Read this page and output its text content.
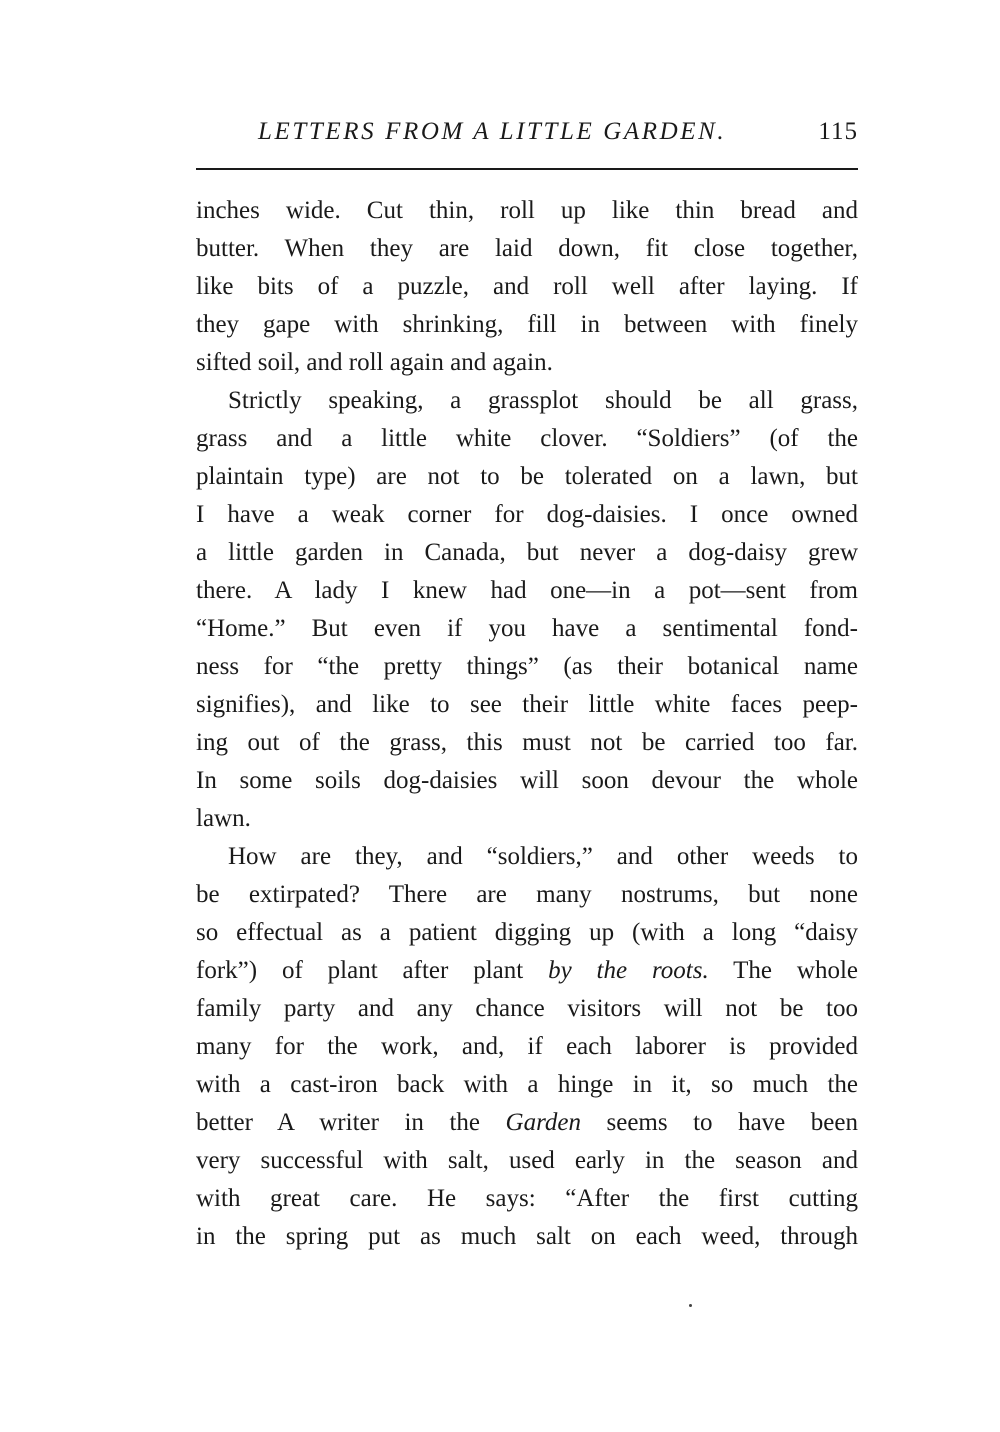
LETTERS FROM A LITTLE GARDEN.	115
inches wide. Cut thin, roll up like thin bread and
butter. When they are laid down, fit close together,
like bits of a puzzle, and roll well after laying. If
they gape with shrinking, fill in between with finely
sifted soil, and roll again and again.
Strictly speaking, a grassplot should be all grass,
grass and a little white clover. “Soldiers” (of the
plaintain type) are not to be tolerated on a lawn, but
I have a weak corner for dog-daisies. I once owned
a little garden in Canada, but never a dog-daisy grew
there. A lady I knew had one—in a pot—sent from
“Home.” But even if you have a sentimental fond-
ness for “the pretty things” (as their botanical name
signifies), and like to see their little white faces peep-
ing out of the grass, this must not be carried too far.
In some soils dog-daisies will soon devour the whole
lawn.
How are they, and “soldiers,” and other weeds to
be extirpated? There are many nostrums, but none
so effectual as a patient digging up (with a long “daisy
fork”) of plant after plant by the roots. The whole
family party and any chance visitors will not be too
many for the work, and, if each laborer is provided
with a cast-iron back with a hinge in it, so much the
better A writer in the Garden seems to have been
very successful with salt, used early in the season and
with great care. He says: “After the first cutting
in the spring put as much salt on each weed, through
